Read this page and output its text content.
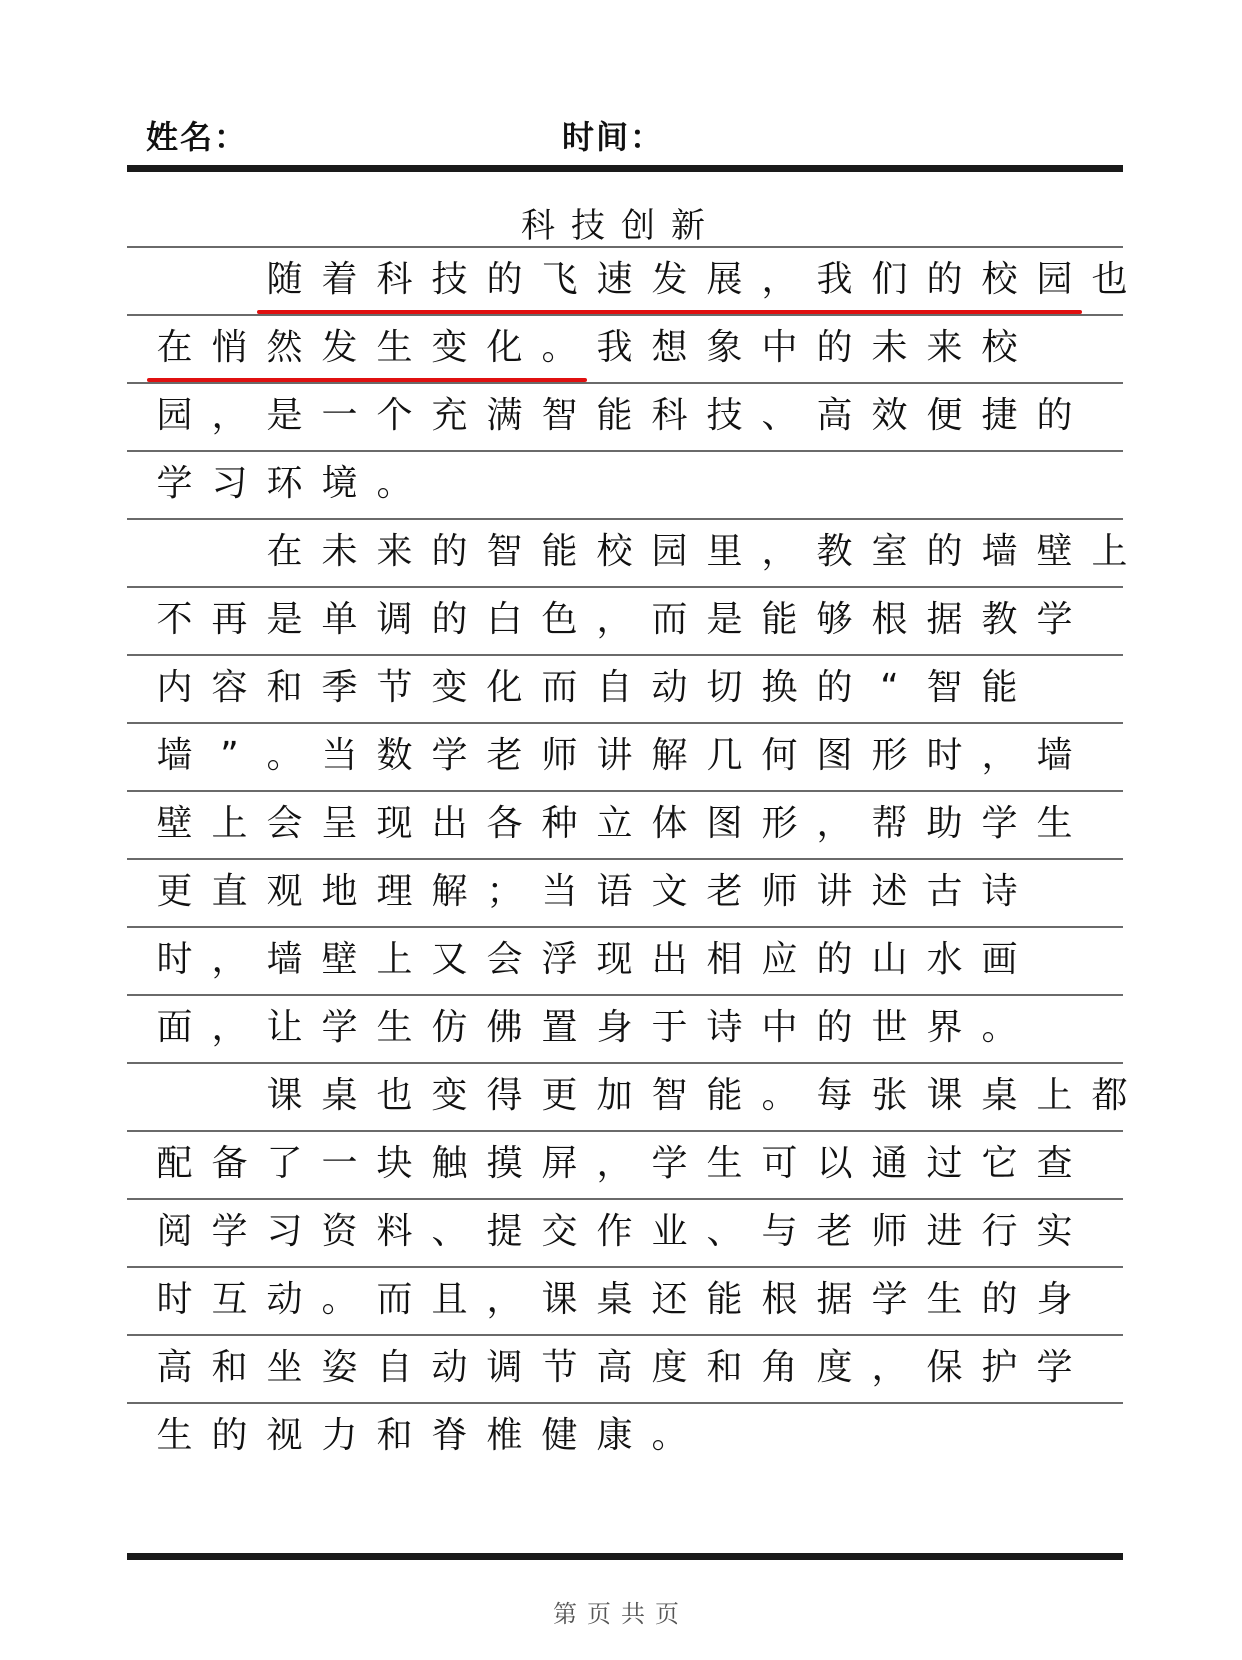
姓名：	时间：
科技创新
随 着 科 技 的 飞 速 发 展 ， 我 们 的 校 园 也
在 悄 然 发 生 变 化 。 我 想 象 中 的 未 来 校
园 ， 是 一 个 充 满 智 能 科 技 、 高 效 便 捷 的
学 习 环 境 。
在 未 来 的 智 能 校 园 里 ， 教 室 的 墙 壁 上
不 再 是 单 调 的 白 色 ， 而 是 能 够 根 据 教 学
内 容 和 季 节 变 化 而 自 动 切 换 的 “ 智 能
墙 ” 。 当 数 学 老 师 讲 解 几 何 图 形 时 ， 墙
壁 上 会 呈 现 出 各 种 立 体 图 形 ， 帮 助 学 生
更 直 观 地 理 解 ； 当 语 文 老 师 讲 述 古 诗
时 ， 墙 壁 上 又 会 浮 现 出 相 应 的 山 水 画
面 ， 让 学 生 仿 佛 置 身 于 诗 中 的 世 界 。
课 桌 也 变 得 更 加 智 能 。 每 张 课 桌 上 都
配 备 了 一 块 触 摸 屏 ， 学 生 可 以 通 过 它 查
阅 学 习 资 料 、 提 交 作 业 、 与 老 师 进 行 实
时 互 动 。 而 且 ， 课 桌 还 能 根 据 学 生 的 身
高 和 坐 姿 自 动 调 节 高 度 和 角 度 ， 保 护 学
生 的 视 力 和 脊 椎 健 康 。
第页共页
